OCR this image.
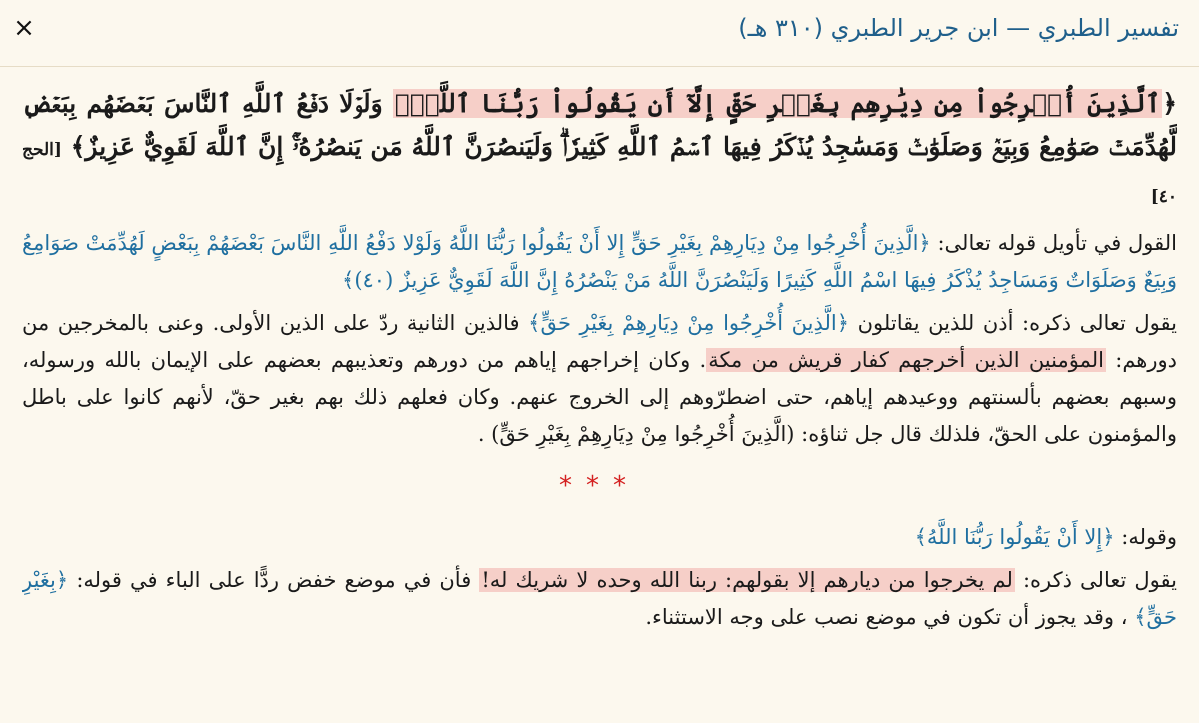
تفسير الطبري — ابن جرير الطبري (٣١٠ هـ)
×
﴿ٱلَّذِينَ أُخۡرِجُواْ مِن دِيَٰرِهِم بِغَيۡرِ حَقٍّ إِلَّآ أَن يَقُولُواْ رَبُّنَا ٱللَّهُۗ وَلَوۡلَا دَفۡعُ ٱللَّهِ ٱلنَّاسَ بَعۡضَهُم بِبَعۡضٖ لَّهُدِّمَتۡ صَوَٰمِعُ وَبِيَعٞ وَصَلَوَٰتٞ وَمَسَٰجِدُ يُذۡكَرُ فِيهَا ٱسۡمُ ٱللَّهِ كَثِيرٗاۗ وَلَيَنصُرَنَّ ٱللَّهُ مَن يَنصُرُهُۥٓۚ إِنَّ ٱللَّهَ لَقَوِيٌّ عَزِيزٌ﴾ [الحج ٤٠]

القول في تأويل قوله تعالى: ﴿الَّذِينَ أُخْرِجُوا مِنْ دِيَارِهِمْ بِغَيْرِ حَقٍّ إِلا أَنْ يَقُولُوا رَبُّنَا اللَّهُ وَلَوْلا دَفْعُ اللَّهِ النَّاسَ بَعْضَهُمْ بِبَعْضٍ لَهُدِّمَتْ صَوَامِعُ وَبِيَعٌ وَصَلَوَاتٌ وَمَسَاجِدُ يُذْكَرُ فِيهَا اسْمُ اللَّهِ كَثِيرًا وَلَيَنْصُرَنَّ اللَّهُ مَنْ يَنْصُرُهُ إِنَّ اللَّهَ لَقَوِيٌّ عَزِيزٌ (٤٠)﴾

يقول تعالى ذكره: أذن للذين يقاتلون ﴿الَّذِينَ أُخْرِجُوا مِنْ دِيَارِهِمْ بِغَيْرِ حَقٍّ﴾ فالذين الثانية ردّ على الذين الأولى. وعنى بالمخرجين من دورهم: المؤمنين الذين أخرجهم كفار قريش من مكة. وكان إخراجهم إياهم من دورهم وتعذيبهم بعضهم على الإيمان بالله ورسوله، وسبهم بعضهم بألسنتهم ووعيدهم إياهم، حتى اضطرّوهم إلى الخروج عنهم. وكان فعلهم ذلك بهم بغير حقّ، لأنهم كانوا على باطل والمؤمنون على الحقّ، فلذلك قال جل ثناؤه: (الَّذِينَ أُخْرِجُوا مِنْ دِيَارِهِمْ بِغَيْرِ حَقٍّ) .

***

وقوله: ﴿إِلا أَنْ يَقُولُوا رَبُّنَا اللَّهُ﴾

يقول تعالى ذكره: لم يخرجوا من ديارهم إلا بقولهم: ربنا الله وحده لا شريك له! فأن في موضع خفض ردًّا على الباء في قوله: ﴿بِغَيْرِ حَقٍّ﴾ ، وقد يجوز أن تكون في موضع نصب على وجه الاستثناء.
